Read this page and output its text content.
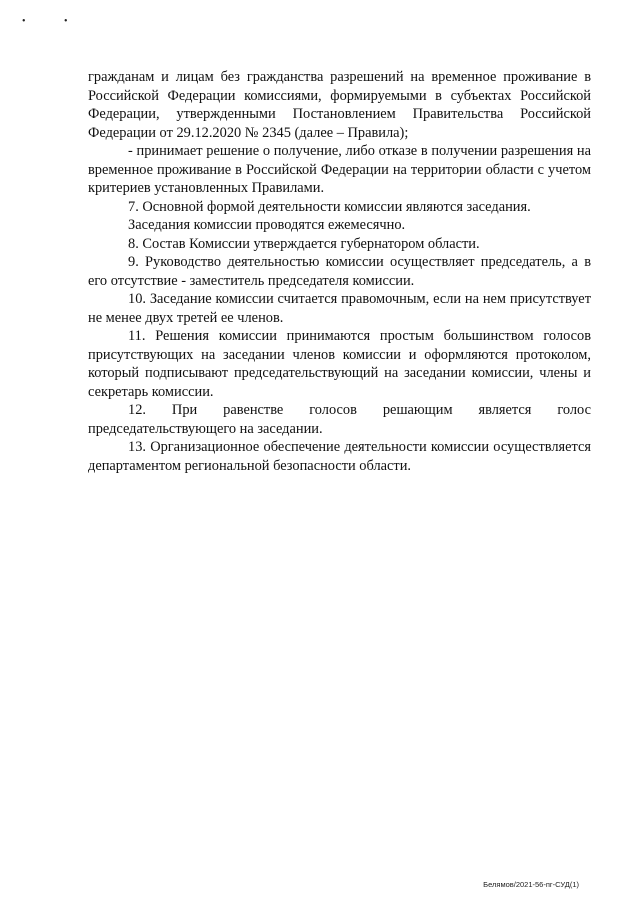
• •

гражданам и лицам без гражданства разрешений на временное проживание в Российской Федерации комиссиями, формируемыми в субъектах Российской Федерации, утвержденными Постановлением Правительства Российской Федерации от 29.12.2020 № 2345 (далее – Правила);

- принимает решение о получение, либо отказе в получении разрешения на временное проживание в Российской Федерации на территории области с учетом критериев установленных Правилами.

7. Основной формой деятельности комиссии являются заседания.

Заседания комиссии проводятся ежемесячно.

8. Состав Комиссии утверждается губернатором области.

9. Руководство деятельностью комиссии осуществляет председатель, а в его отсутствие - заместитель председателя комиссии.

10. Заседание комиссии считается правомочным, если на нем присутствует не менее двух третей ее членов.

11. Решения комиссии принимаются простым большинством голосов присутствующих на заседании членов комиссии и оформляются протоколом, который подписывают председательствующий на заседании комиссии, члены и секретарь комиссии.

12. При равенстве голосов решающим является голос председательствующего на заседании.

13. Организационное обеспечение деятельности комиссии осуществляется департаментом региональной безопасности области.

Белямов/2021-56-пг-СУД(1)
